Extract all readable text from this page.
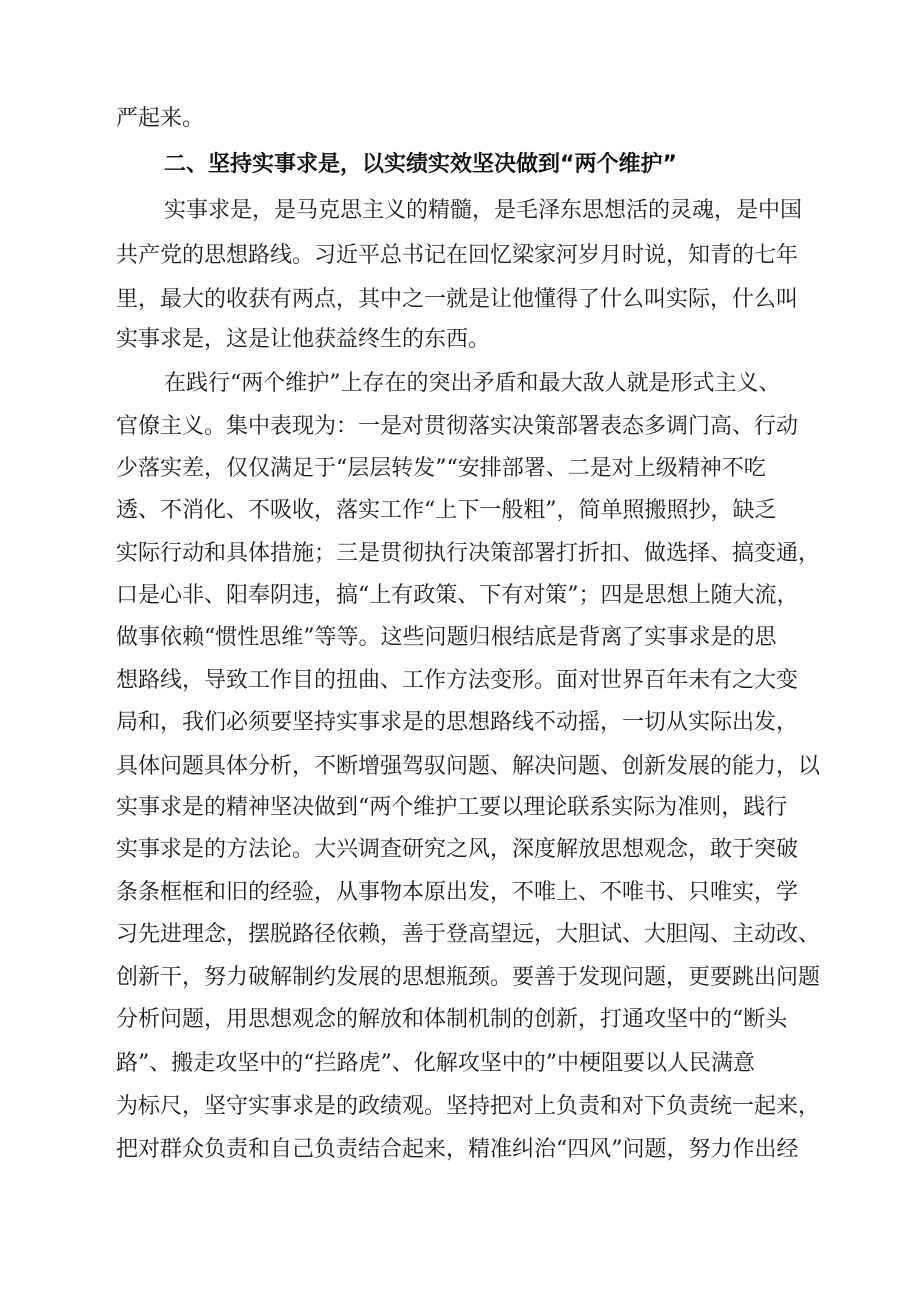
严起来。
二、坚持实事求是，以实绩实效坚决做到“两个维护”
实事求是，是马克思主义的精髓，是毛泽东思想活的灵魂，是中国
共产党的思想路线。习近平总书记在回忆梁家河岁月时说，知青的七年
里，最大的收获有两点，其中之一就是让他懂得了什么叫实际，什么叫
实事求是，这是让他获益终生的东西。
在践行“两个维护”上存在的突出矛盾和最大敌人就是形式主义、
官僚主义。集中表现为：一是对贯彻落实决策部署表态多调门高、行动
少落实差，仅仅满足于“层层转发”“安排部署、二是对上级精神不吃
透、不消化、不吸收，落实工作“上下一般粗”，简单照搬照抄，缺乏
实际行动和具体措施；三是贯彻执行决策部署打折扣、做选择、搞变通，
口是心非、阳奉阴违，搞“上有政策、下有对策”；四是思想上随大流，
做事依赖“惯性思维”等等。这些问题归根结底是背离了实事求是的思
想路线，导致工作目的扭曲、工作方法变形。面对世界百年未有之大变
局和，我们必须要坚持实事求是的思想路线不动摇，一切从实际出发，
具体问题具体分析，不断增强驾驭问题、解决问题、创新发展的能力，以
实事求是的精神坚决做到“两个维护工要以理论联系实际为准则，践行
实事求是的方法论。大兴调查研究之风，深度解放思想观念，敢于突破
条条框框和旧的经验，从事物本原出发，不唯上、不唯书、只唯实，学
习先进理念，摆脱路径依赖，善于登高望远，大胆试、大胆闯、主动改、
创新干，努力破解制约发展的思想瓶颈。要善于发现问题，更要跳出问题
分析问题，用思想观念的解放和体制机制的创新，打通攻坚中的“断头
路”、搬走攻坚中的“拦路虎”、化解攻坚中的”中梗阻要以人民满意
为标尺，坚守实事求是的政绩观。坚持把对上负责和对下负责统一起来，
把对群众负责和自己负责结合起来，精准纠治“四风”问题，努力作出经
